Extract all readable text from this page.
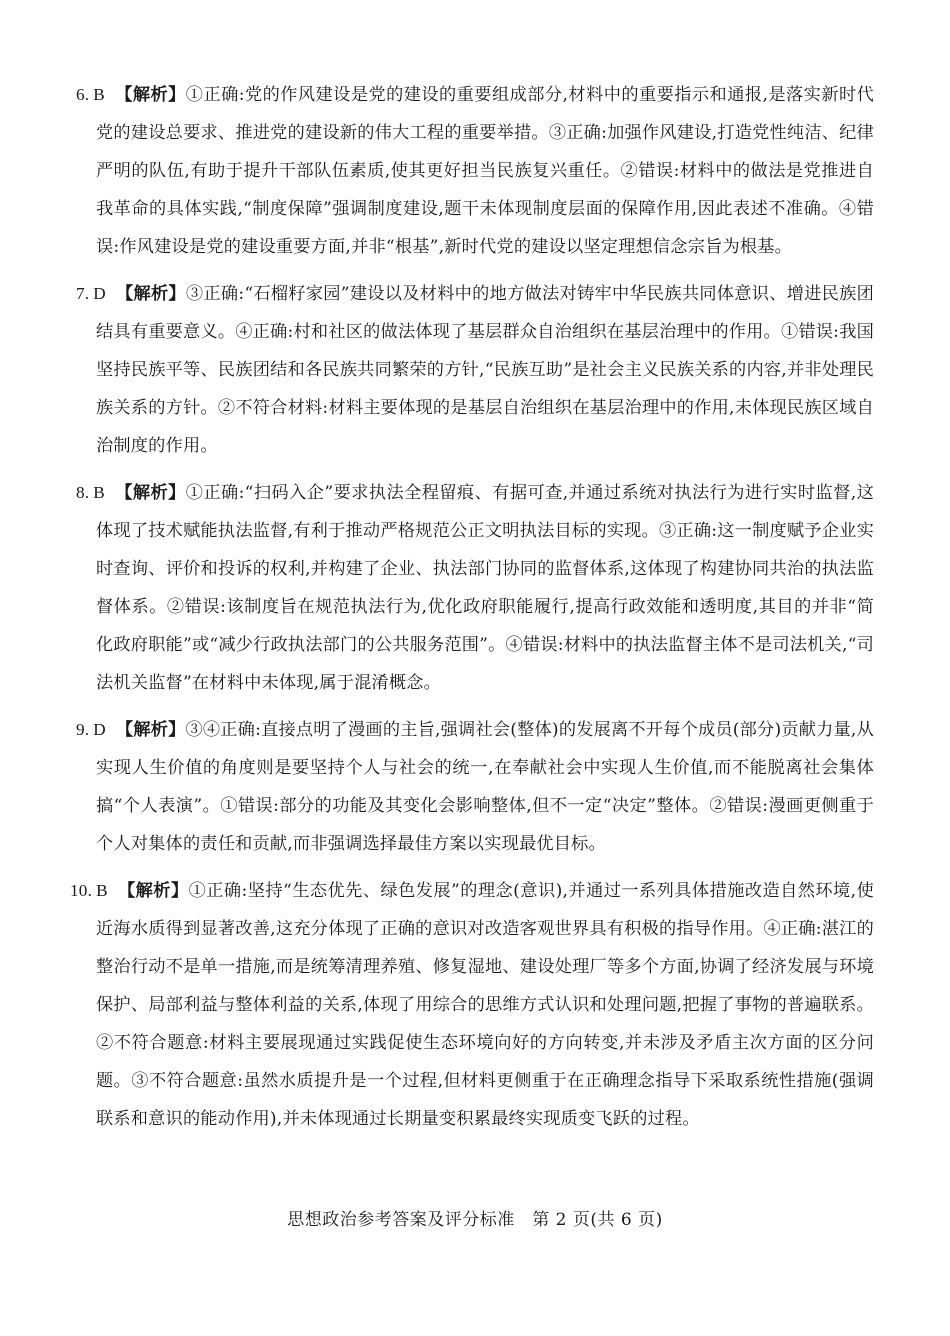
6. B 【解析】①正确:党的作风建设是党的建设的重要组成部分,材料中的重要指示和通报,是落实新时代党的建设总要求、推进党的建设新的伟大工程的重要举措。③正确:加强作风建设,打造党性纯洁、纪律严明的队伍,有助于提升干部队伍素质,使其更好担当民族复兴重任。②错误:材料中的做法是党推进自我革命的具体实践,“制度保障”强调制度建设,题干未体现制度层面的保障作用,因此表述不准确。④错误:作风建设是党的建设重要方面,并非“根基”,新时代党的建设以坚定理想信念宗旨为根基。

7. D 【解析】③正确:“石榴籽家园”建设以及材料中的地方做法对铸牢中华民族共同体意识、增进民族团结具有重要意义。④正确:村和社区的做法体现了基层群众自治组织在基层治理中的作用。①错误:我国坚持民族平等、民族团结和各民族共同繁荣的方针,“民族互助”是社会主义民族关系的内容,并非处理民族关系的方针。②不符合材料:材料主要体现的是基层自治组织在基层治理中的作用,未体现民族区域自治制度的作用。

8. B 【解析】①正确:“扫码入企”要求执法全程留痕、有据可查,并通过系统对执法行为进行实时监督,这体现了技术赋能执法监督,有利于推动严格规范公正文明执法目标的实现。③正确:这一制度赋予企业实时查询、评价和投诉的权利,并构建了企业、执法部门协同的监督体系,这体现了构建协同共治的执法监督体系。②错误:该制度旨在规范执法行为,优化政府职能履行,提高行政效能和透明度,其目的并非“简化政府职能”或“减少行政执法部门的公共服务范围”。④错误:材料中的执法监督主体不是司法机关,“司法机关监督”在材料中未体现,属于混淆概念。

9. D 【解析】③④正确:直接点明了漫画的主旨,强调社会(整体)的发展离不开每个成员(部分)贡献力量,从实现人生价值的角度则是要坚持个人与社会的统一,在奉献社会中实现人生价值,而不能脱离社会集体搞“个人表演”。①错误:部分的功能及其变化会影响整体,但不一定“决定”整体。②错误:漫画更侧重于个人对集体的责任和贡献,而非强调选择最佳方案以实现最优目标。

10. B 【解析】①正确:坚持“生态优先、绿色发展”的理念(意识),并通过一系列具体措施改造自然环境,使近海水质得到显著改善,这充分体现了正确的意识对改造客观世界具有积极的指导作用。④正确:湛江的整治行动不是单一措施,而是统筹清理养殖、修复湿地、建设处理厂等多个方面,协调了经济发展与环境保护、局部利益与整体利益的关系,体现了用综合的思维方式认识和处理问题,把握了事物的普遍联系。②不符合题意:材料主要展现通过实践促使生态环境向好的方向转变,并未涉及矛盾主次方面的区分问题。③不符合题意:虽然水质提升是一个过程,但材料更侧重于在正确理念指导下采取系统性措施(强调联系和意识的能动作用),并未体现通过长期量变积累最终实现质变飞跃的过程。

思想政治参考答案及评分标准　第 2 页(共 6 页)
